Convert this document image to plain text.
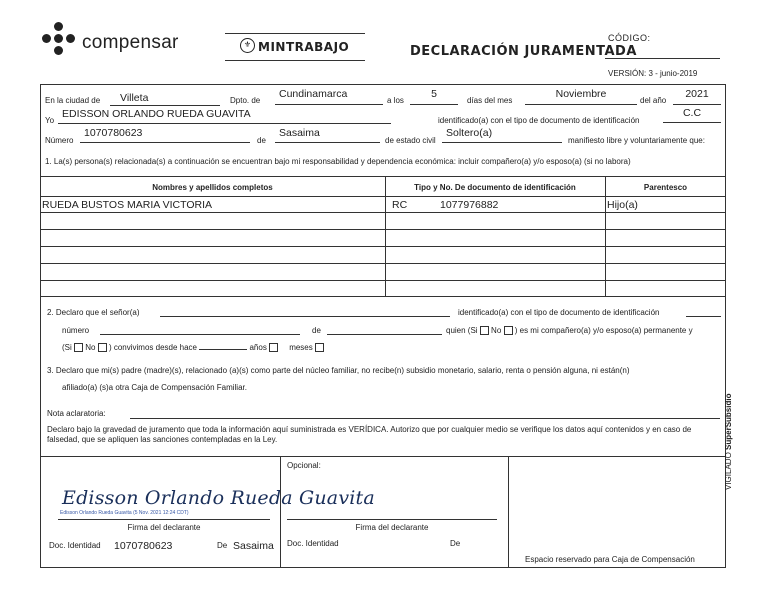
compensar	⚜ MINTRABAJO	DECLARACIÓN JURAMENTADA
CÓDIGO:
VERSIÓN: 3 - junio-2019
En la ciudad de	Villeta	Dpto. de
Cundinamarca
a los
5
días del mes
Noviembre
del año
2021
Yo
EDISSON ORLANDO RUEDA GUAVITA
identificado(a) con el tipo de documento de identificación
C.C
Número
1070780623
de
Sasaima
de estado civil
Soltero(a)
manifiesto libre y voluntariamente que:
1. La(s) persona(s) relacionada(s) a continuación se encuentran bajo mi responsabilidad y dependencia económica: incluir compañero(a) y/o esposo(a) (si no labora)
Nombres y apellidos completos	Tipo y No. De documento de identificación	Parentesco
RUEDA BUSTOS MARIA VICTORIA	RC	1077976882	Hijo(a)
2. Declaro que el señor(a)	identificado(a) con el tipo de documento de identificación
número	de	quien (Si No ) es mi compañero(a) y/o esposo(a) permanente y
(Si No ) convivimos desde hace	años	meses
3. Declaro que mi(s) padre (madre)(s), relacionado (a)(s) como parte del núcleo familiar, no recibe(n) subsidio monetario, salario, renta o pensión alguna, ni están(n)
afiliado(a) (s)a otra Caja de Compensación Familiar.
Nota aclaratoria:
Declaro bajo la gravedad de juramento que toda la información aquí suministrada es VERÍDICA. Autorizo que por cualquier medio se verifique los datos aquí contenidos y en caso de falsedad, que se apliquen las sanciones contempladas en la Ley.
Edisson Orlando Rueda Guavita
Edisson Orlando Rueda Guavita (5 Nov. 2021 12:24 CDT)
Firma del declarante
Doc. Identidad 1070780623	De Sasaima
Opcional:
Firma del declarante
Doc. Identidad	De
Espacio reservado para Caja de Compensación
VIGILADO SuperSubsidio
